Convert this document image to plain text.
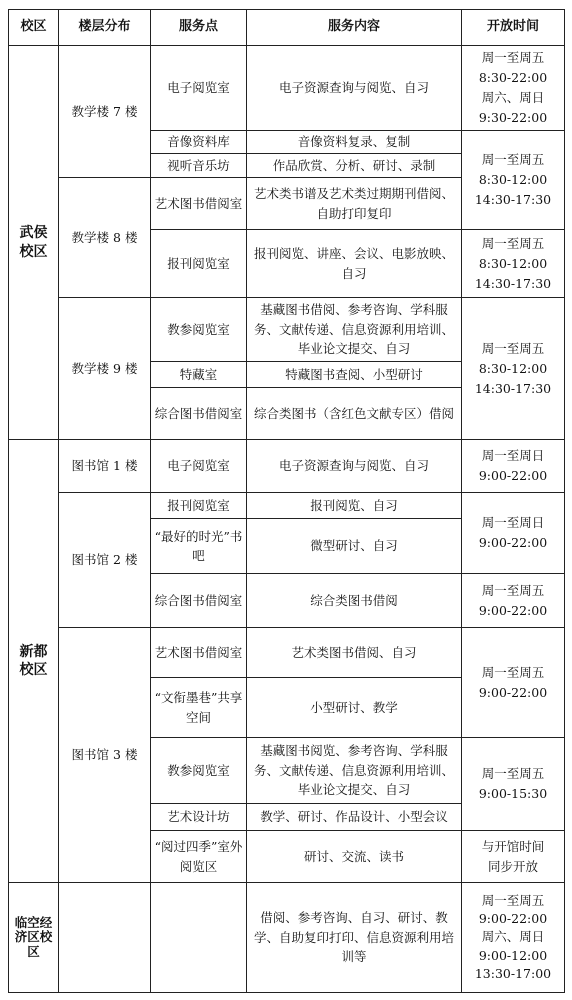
校区	楼层分布	服务点	服务内容	开放时间
武侯校区	教学楼 7 楼	电子阅览室	电子资源查询与阅览、自习	周一至周五
8:30-22:00
周六、周日
9:30-22:00

		音像资料库	音像资料复录、复制	周一至周五
8:30-12:00
14:30-17:30

		视听音乐坊	作品欣赏、分析、研讨、录制	
	教学楼 8 楼	艺术图书借阅室	艺术类书谱及艺术类过期期刊借阅、自助打印复印	
		报刊阅览室	报刊阅览、讲座、会议、电影放映、自习	周一至周五
8:30-12:00
14:30-17:30

	教学楼 9 楼	教参阅览室	基藏图书借阅、参考咨询、学科服务、文献传递、信息资源利用培训、毕业论文提交、自习	周一至周五
8:30-12:00
14:30-17:30

		特藏室	特藏图书查阅、小型研讨	
		综合图书借阅室	综合类图书（含红色文献专区）借阅	
新都校区	图书馆 1 楼	电子阅览室	电子资源查询与阅览、自习	周一至周日
9:00-22:00

	图书馆 2 楼	报刊阅览室	报刊阅览、自习	周一至周日
9:00-22:00

		“最好的时光”书吧	微型研讨、自习	
		综合图书借阅室	综合类图书借阅	周一至周五
9:00-22:00

	图书馆 3 楼	艺术图书借阅室	艺术类图书借阅、自习	周一至周五
9:00-22:00

		“文衔墨巷”共享空间	小型研讨、教学	
		教参阅览室	基藏图书阅览、参考咨询、学科服务、文献传递、信息资源利用培训、毕业论文提交、自习	周一至周五
9:00-15:30

		艺术设计坊	教学、研讨、作品设计、小型会议	
		“阅过四季”室外阅览区	研讨、交流、读书	与开馆时间
同步开放

临空经济区校区			借阅、参考咨询、自习、研讨、教学、自助复印打印、信息资源利用培训等	周一至周五
9:00-22:00
周六、周日
9:00-12:00
13:30-17:00
